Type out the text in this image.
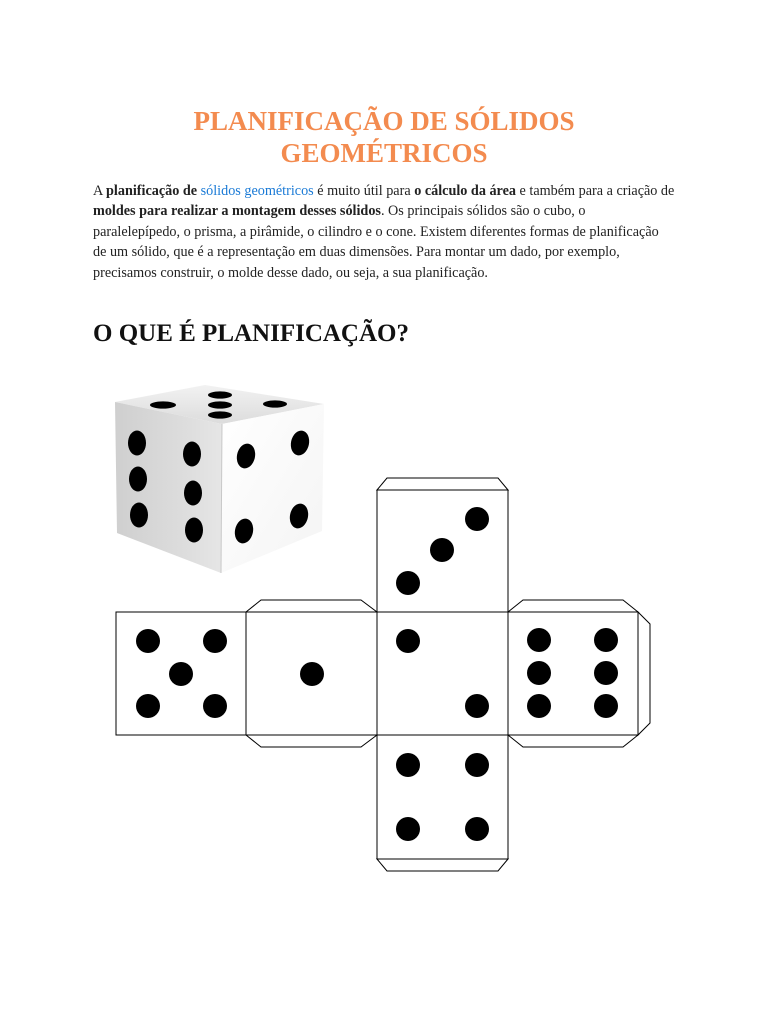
PLANIFICAÇÃO DE SÓLIDOS GEOMÉTRICOS

A planificação de sólidos geométricos é muito útil para o cálculo da área e também para a criação de moldes para realizar a montagem desses sólidos. Os principais sólidos são o cubo, o paralelepípedo, o prisma, a pirâmide, o cilindro e o cone. Existem diferentes formas de planificação de um sólido, que é a representação em duas dimensões. Para montar um dado, por exemplo, precisamos construir, o molde desse dado, ou seja, a sua planificação.

O QUE É PLANIFICAÇÃO?
